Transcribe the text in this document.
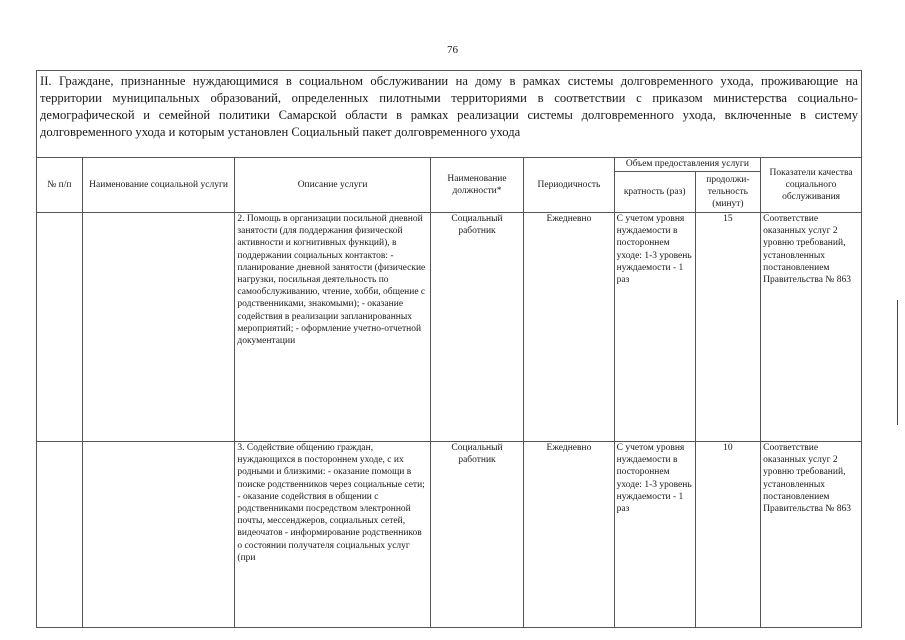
76
II. Граждане, признанные нуждающимися в социальном обслуживании на дому в рамках системы долговременного ухода, проживающие на территории муниципальных образований, определенных пилотными территориями в соответствии с приказом министерства социально-демографической и семейной политики Самарской области в рамках реализации системы долговременного ухода, включенные в систему долговременного ухода и которым установлен Социальный пакет долговременного ухода							
№ п/п	Наименование социальной услуги	Описание услуги	Наименование должности*	Периодичность	Объем предоставления услуги		Показатели качества социального обслуживания
					кратность (раз)	продолжи-тельность (минут)	
		2. Помощь в организации посильной дневной занятости (для поддержания физической активности и когнитивных функций), в поддержании социальных контактов: - планирование дневной занятости (физические нагрузки, посильная деятельность по самообслуживанию, чтение, хобби, общение с родственниками, знакомыми); - оказание содействия в реализации запланированных мероприятий; - оформление учетно-отчетной документации	Социальный работник	Ежедневно	С учетом уровня нуждаемости в постороннем уходе: 1-3 уровень нуждаемости - 1 раз	15	Соответствие оказанных услуг 2 уровню требований, установленных постановлением Правительства № 863
		3. Содействие общению граждан, нуждающихся в постороннем уходе, с их родными и близкими: - оказание помощи в поиске родственников через социальные сети; - оказание содействия в общении с родственниками посредством электронной почты, мессенджеров, социальных сетей, видеочатов - информирование родственников о состоянии получателя социальных услуг (при	Социальный работник	Ежедневно	С учетом уровня нуждаемости в постороннем уходе: 1-3 уровень нуждаемости - 1 раз	10	Соответствие оказанных услуг 2 уровню требований, установленных постановлением Правительства № 863
